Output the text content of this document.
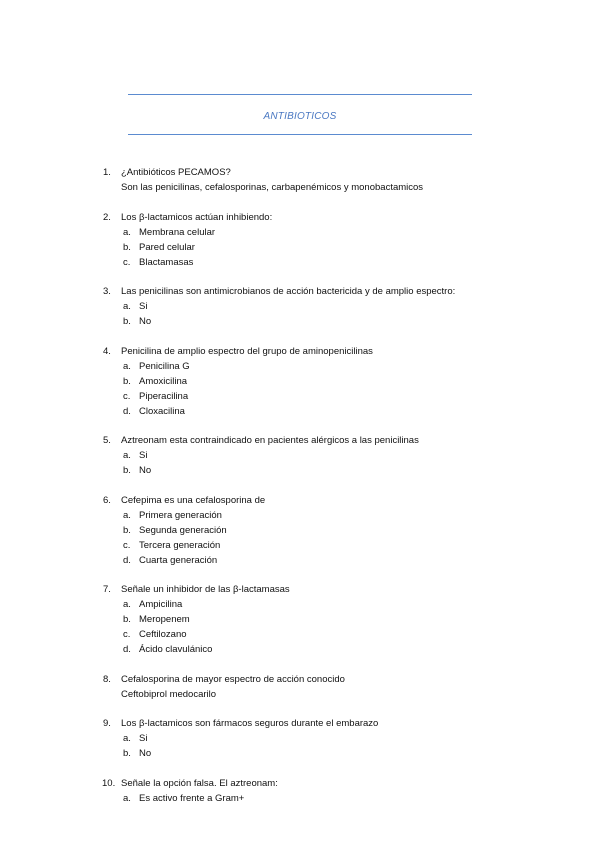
ANTIBIOTICOS
1.	¿Antibióticos PECAMOS?
Son las penicilinas, cefalosporinas, carbapenémicos y monobactamicos
2.	Los β-lactamicos actúan inhibiendo:
a. Membrana celular
b. Pared celular
c. Blactamasas
3.	Las penicilinas son antimicrobianos de acción bactericida y de amplio espectro:
a. Si
b. No
4.	Penicilina de amplio espectro del grupo de aminopenicilinas
a. Penicilina G
b. Amoxicilina
c. Piperacilina
d. Cloxacilina
5.	Aztreonam esta contraindicado en pacientes alérgicos a las penicilinas
a. Si
b. No
6.	Cefepima es una cefalosporina de
a. Primera generación
b. Segunda generación
c. Tercera generación
d. Cuarta generación
7.	Señale un inhibidor de las β-lactamasas
a. Ampicilina
b. Meropenem
c. Ceftilozano
d. Ácido clavulánico
8.	Cefalosporina de mayor espectro de acción conocido
Ceftobiprol medocarilo
9.	Los β-lactamicos son fármacos seguros durante el embarazo
a. Si
b. No
10. Señale la opción falsa. El aztreonam:
a. Es activo frente a Gram+
